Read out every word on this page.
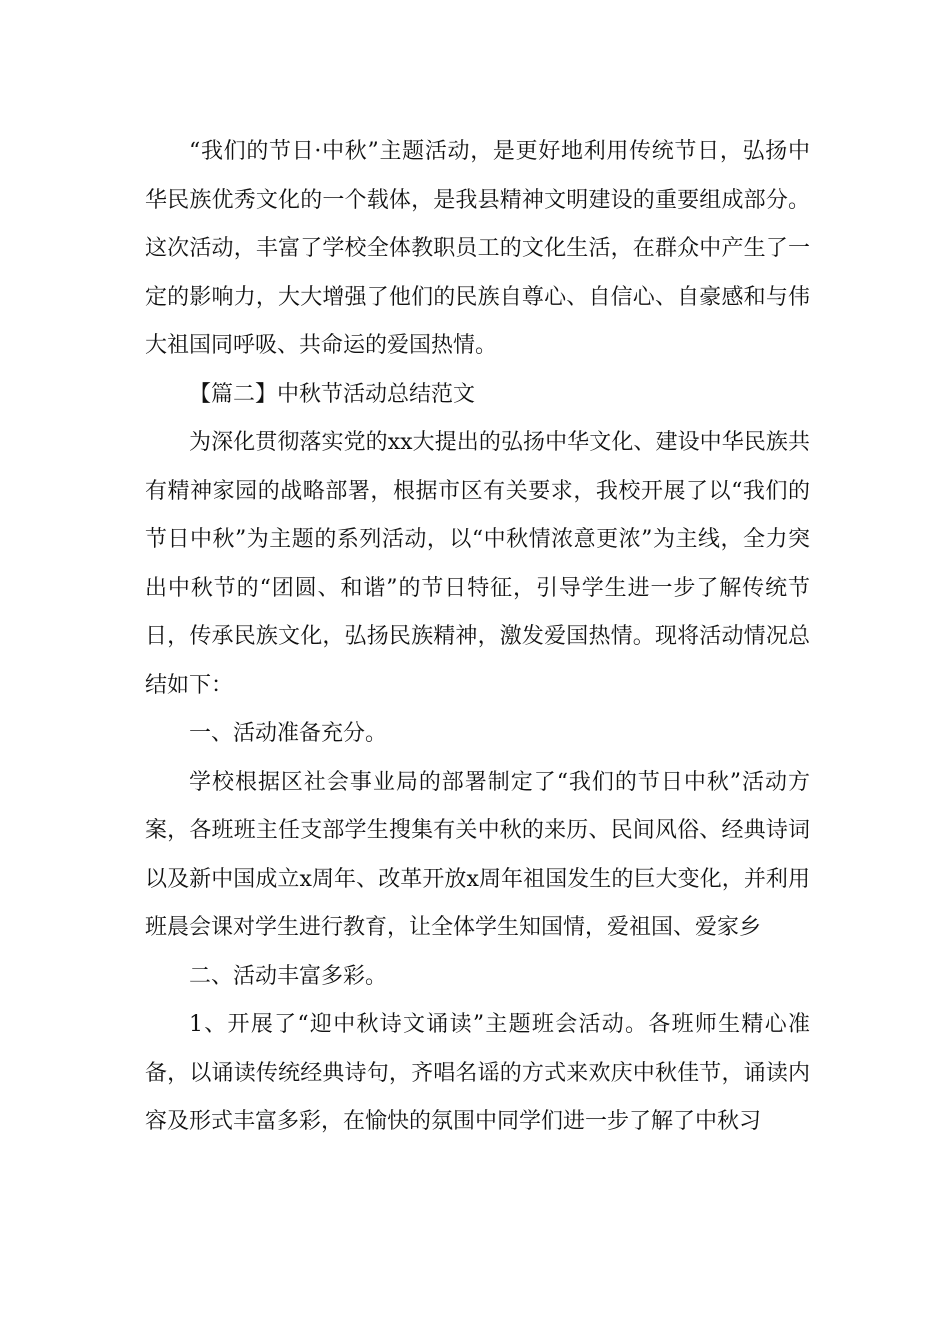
“我们的节日·中秋”主题活动，是更好地利用传统节日，弘扬中华民族优秀文化的一个载体，是我县精神文明建设的重要组成部分。这次活动，丰富了学校全体教职员工的文化生活，在群众中产生了一定的影响力，大大增强了他们的民族自尊心、自信心、自豪感和与伟大祖国同呼吸、共命运的爱国热情。

【篇二】中秋节活动总结范文

为深化贯彻落实党的xx大提出的弘扬中华文化、建设中华民族共有精神家园的战略部署，根据市区有关要求，我校开展了以“我们的节日中秋”为主题的系列活动，以“中秋情浓意更浓”为主线，全力突出中秋节的“团圆、和谐”的节日特征，引导学生进一步了解传统节日，传承民族文化，弘扬民族精神，激发爱国热情。现将活动情况总结如下：

一、活动准备充分。

学校根据区社会事业局的部署制定了“我们的节日中秋”活动方案，各班班主任支部学生搜集有关中秋的来历、民间风俗、经典诗词以及新中国成立x周年、改革开放x周年祖国发生的巨大变化，并利用班晨会课对学生进行教育，让全体学生知国情，爱祖国、爱家乡

二、活动丰富多彩。

1、开展了“迎中秋诗文诵读”主题班会活动。各班师生精心准备，以诵读传统经典诗句，齐唱名谣的方式来欢庆中秋佳节，诵读内容及形式丰富多彩，在愉快的氛围中同学们进一步了解了中秋习
